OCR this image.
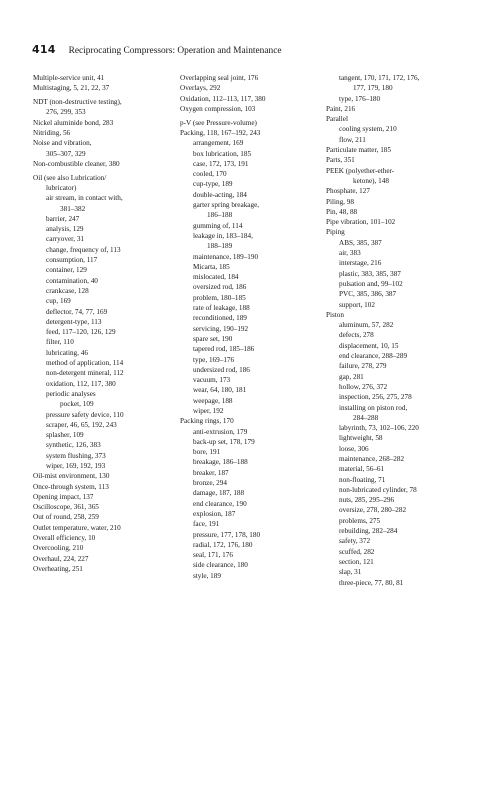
414 Reciprocating Compressors: Operation and Maintenance
Multiple-service unit, 41
Multistaging, 5, 21, 22, 37
NDT (non-destructive testing),
276, 299, 353
Nickel aluminide bond, 283
Nitriding, 56
Noise and vibration,
305–307, 329
Non-combustible cleaner, 380
Oil (see also Lubrication/
lubricator)
air stream, in contact with,
381–382
barrier, 247
analysis, 129
carryover, 31
change, frequency of, 113
consumption, 117
container, 129
contamination, 40
crankcase, 128
cup, 169
deflector, 74, 77, 169
detergent-type, 113
feed, 117–120, 126, 129
filter, 110
lubricating, 46
method of application, 114
non-detergent mineral, 112
oxidation, 112, 117, 380
periodic analyses
pocket, 109
pressure safety device, 110
scraper, 46, 65, 192, 243
splasher, 109
synthetic, 126, 383
system flushing, 373
wiper, 169, 192, 193
Oil-mist environment, 130
Once-through system, 113
Opening impact, 137
Oscilloscope, 361, 365
Out of round, 258, 259
Outlet temperature, water, 210
Overall efficiency, 10
Overcooling, 210
Overhaul, 224, 227
Overheating, 251
Overlapping seal joint, 176
Overlays, 292
Oxidation, 112–113, 117, 380
Oxygen compression, 103
p-V (see Pressure-volume)
Packing, 118, 167–192, 243
arrangement, 169
box lubrication, 185
case, 172, 173, 191
cooled, 170
cup-type, 189
double-acting, 184
garter spring breakage,
186–188
gumming of, 114
leakage in, 183–184,
188–189
maintenance, 189–190
Micarta, 185
mislocated, 184
oversized rod, 186
problem, 180–185
rate of leakage, 188
reconditioned, 189
servicing, 190–192
spare set, 190
tapered rod, 185–186
type, 169–176
undersized rod, 186
vacuum, 173
wear, 64, 180, 181
weepage, 188
wiper, 192
Packing rings, 170
anti-extrusion, 179
back-up set, 178, 179
bore, 191
breakage, 186–188
breaker, 187
bronze, 294
damage, 187, 188
end clearance, 190
explosion, 187
face, 191
pressure, 177, 178, 180
radial, 172, 176, 180
seal, 171, 176
side clearance, 180
style, 189
tangent, 170, 171, 172, 176,
177, 179, 180
type, 176–180
Paint, 216
Parallel
cooling system, 210
flow, 211
Particulate matter, 185
Parts, 351
PEEK (polyether-ether-
ketone), 148
Phosphate, 127
Piling, 98
Pin, 48, 88
Pipe vibration, 101–102
Piping
ABS, 385, 387
air, 383
interstage, 216
plastic, 383, 385, 387
pulsation and, 99–102
PVC, 385, 386, 387
support, 102
Piston
aluminum, 57, 282
defects, 278
displacement, 10, 15
end clearance, 288–289
failure, 278, 279
gap, 281
hollow, 276, 372
inspection, 256, 275, 278
installing on piston rod,
284–288
labyrinth, 73, 102–106, 220
lightweight, 58
loose, 306
maintenance, 268–282
material, 56–61
non-floating, 71
non-lubricated cylinder, 78
nuts, 285, 295–296
oversize, 278, 280–282
problems, 275
rebuilding, 282–284
safety, 372
scuffed, 282
section, 121
slap, 31
three-piece, 77, 80, 81
